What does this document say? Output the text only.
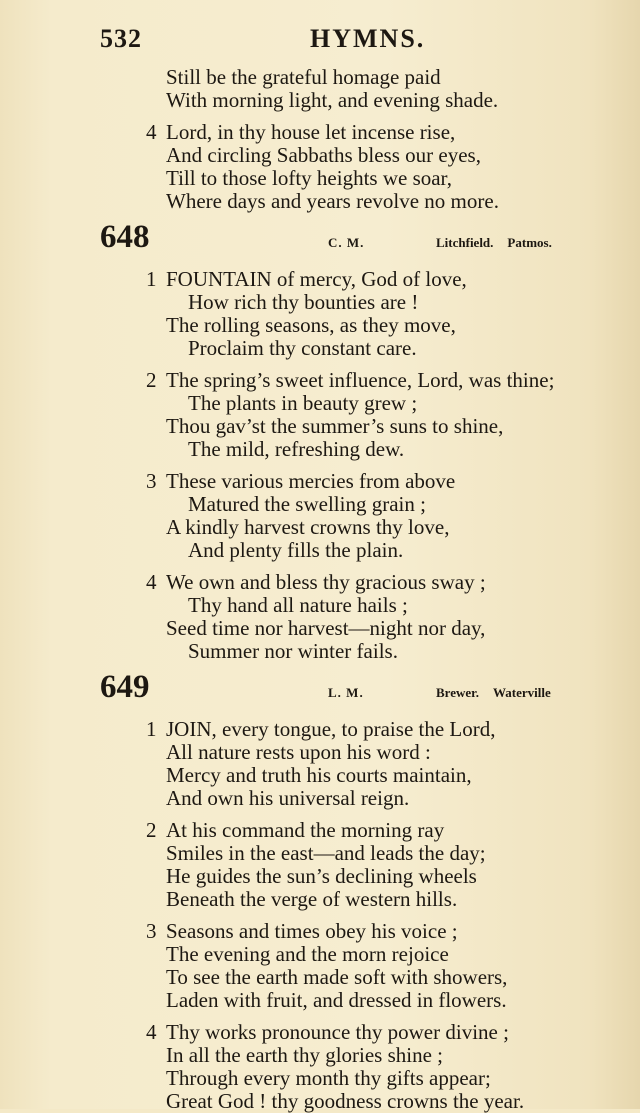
532	HYMNS.
Still be the grateful homage paid
With morning light, and evening shade.
4 Lord, in thy house let incense rise,
And circling Sabbaths bless our eyes,
Till to those lofty heights we soar,
Where days and years revolve no more.
648	C. M.	Litchfield. Patmos.
1 FOUNTAIN of mercy, God of love,
How rich thy bounties are !
The rolling seasons, as they move,
Proclaim thy constant care.
2 The spring’s sweet influence, Lord, was thine;
The plants in beauty grew ;
Thou gav’st the summer’s suns to shine,
The mild, refreshing dew.
3 These various mercies from above
Matured the swelling grain ;
A kindly harvest crowns thy love,
And plenty fills the plain.
4 We own and bless thy gracious sway ;
Thy hand all nature hails ;
Seed time nor harvest—night nor day,
Summer nor winter fails.
649	L. M.	Brewer. Waterville
1 JOIN, every tongue, to praise the Lord,
All nature rests upon his word :
Mercy and truth his courts maintain,
And own his universal reign.
2 At his command the morning ray
Smiles in the east—and leads the day;
He guides the sun’s declining wheels
Beneath the verge of western hills.
3 Seasons and times obey his voice ;
The evening and the morn rejoice
To see the earth made soft with showers,
Laden with fruit, and dressed in flowers.
4 Thy works pronounce thy power divine ;
In all the earth thy glories shine ;
Through every month thy gifts appear;
Great God ! thy goodness crowns the year.
